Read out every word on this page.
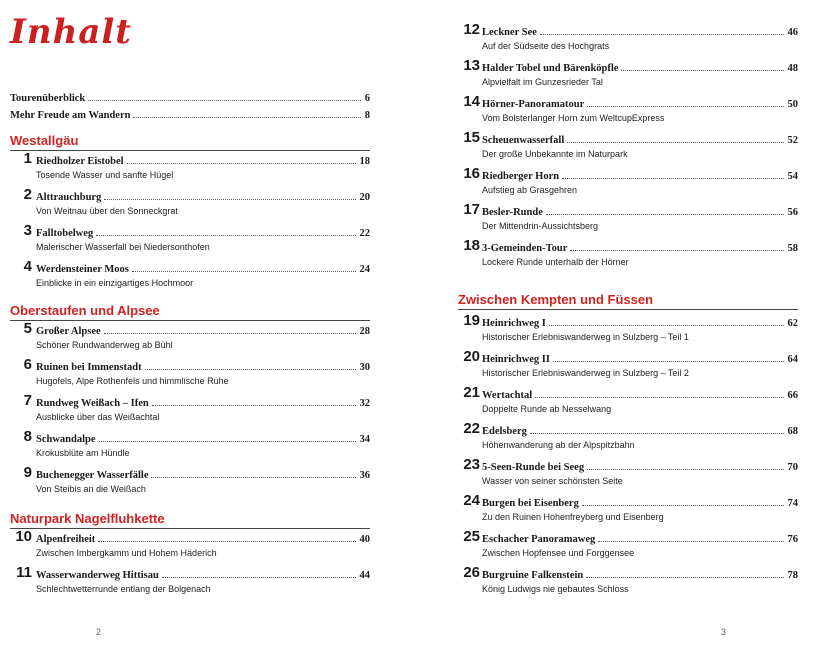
Inhalt
Tourenüberblick	6
Mehr Freude am Wandern	8
Westallgäu
1 Riedholzer Eistobel	18
Tosende Wasser und sanfte Hügel
2 Alttrauchburg	20
Von Weitnau über den Sonneckgrat
3 Falltobelweg	22
Malerischer Wasserfall bei Niedersonthofen
4 Werdensteiner Moos	24
Einblicke in ein einzigartiges Hochmoor
Oberstaufen und Alpsee
5 Großer Alpsee	28
Schöner Rundwanderweg ab Bühl
6 Ruinen bei Immenstadt	30
Hugofels, Alpe Rothenfels und himmlische Ruhe
7 Rundweg Weißach – Ifen	32
Ausblicke über das Weißachtal
8 Schwandalpe	34
Krokusblüte am Hündle
9 Buchenegger Wasserfälle	36
Von Steibis an die Weißach
Naturpark Nagelfluhkette
10 Alpenfreiheit	40
Zwischen Imbergkamm und Hohem Häderich
11 Wasserwanderweg Hittisau	44
Schlechtwetterrunde entlang der Bolgenach
2
12 Leckner See	46
Auf der Südseite des Hochgrats
13 Halder Tobel und Bärenköpfle	48
Alpvielfalt im Gunzesrieder Tal
14 Hörner-Panoramatour	50
Vom Bolsterlanger Horn zum WeltcupExpress
15 Scheuenwasserfall	52
Der große Unbekannte im Naturpark
16 Riedberger Horn	54
Aufstieg ab Grasgehren
17 Besler-Runde	56
Der Mittendrin-Aussichtsberg
18 3-Gemeinden-Tour	58
Lockere Runde unterhalb der Hörner
Zwischen Kempten und Füssen
19 Heinrichweg I	62
Historischer Erlebniswanderweg in Sulzberg – Teil 1
20 Heinrichweg II	64
Historischer Erlebniswanderweg in Sulzberg – Teil 2
21 Wertachtal	66
Doppelte Runde ab Nesselwang
22 Edelsberg	68
Höhenwanderung ab der Alpspitzbahn
23 5-Seen-Runde bei Seeg	70
Wasser von seiner schönsten Seite
24 Burgen bei Eisenberg	74
Zu den Ruinen Hohenfreyberg und Eisenberg
25 Eschacher Panoramaweg	76
Zwischen Hopfensee und Forggensee
26 Burgruine Falkenstein	78
König Ludwigs nie gebautes Schloss
3
